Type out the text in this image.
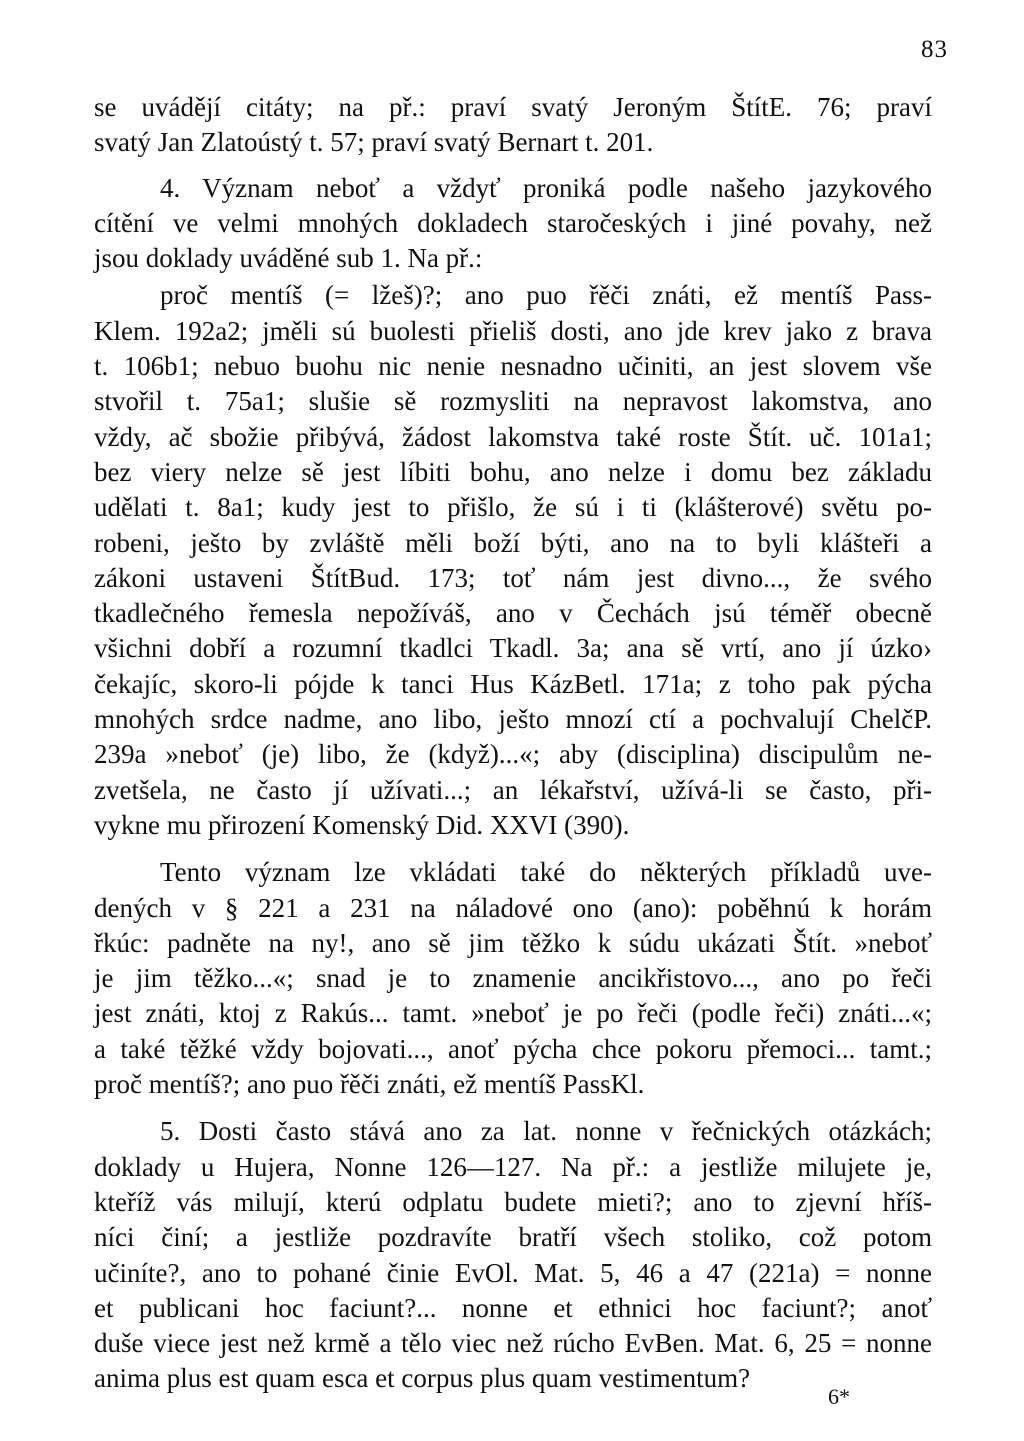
83
se uvádějí citáty; na př.: praví svatý Jeroným ŠtítE. 76; praví
svatý Jan Zlatoústý t. 57; praví svatý Bernart t. 201.
4. Význam neboť a vždyť proniká podle našeho jazykového
cítění ve velmi mnohých dokladech staročeských i jiné povahy, než
jsou doklady uváděné sub 1. Na př.:
proč mentíš (= lžeš)?; ano puo řěči znáti, ež mentíš Pass-
Klem. 192a2; jměli sú buolesti přieliš dosti, ano jde krev jako z brava
t. 106b1; nebuo buohu nic nenie nesnadno učiniti, an jest slovem vše
stvořil t. 75a1; slušie sě rozmysliti na nepravost lakomstva, ano
vždy, ač sbožie přibývá, žádost lakomstva také roste Štít. uč. 101a1;
bez viery nelze sě jest líbiti bohu, ano nelze i domu bez základu
udělati t. 8a1; kudy jest to přišlo, že sú i ti (klášterové) světu po-
robeni, ješto by zvláště měli boží býti, ano na to byli klášteři a
zákoni ustaveni ŠtítBud. 173; toť nám jest divno..., že svého
tkadlečného řemesla nepožíváš, ano v Čechách jsú téměř obecně
všichni dobří a rozumní tkadlci Tkadl. 3a; ana sě vrtí, ano jí úzko›
čekajíc, skoro-li pójde k tanci Hus KázBetl. 171a; z toho pak pýcha
mnohých srdce nadme, ano libo, ješto mnozí ctí a pochvalují ChelčP.
239a »neboť (je) libo, že (když)...«; aby (disciplina) discipulům ne-
zvetšela, ne často jí užívati...; an lékařství, užívá-li se často, při-
vykne mu přirození Komenský Did. XXVI (390).
Tento význam lze vkládati také do některých příkladů uve-
dených v § 221 a 231 na náladové ono (ano): poběhnú k horám
řkúc: padněte na ny!, ano sě jim těžko k súdu ukázati Štít. »neboť
je jim těžko...«; snad je to znamenie ancikřistovo..., ano po řeči
jest znáti, ktoj z Rakús... tamt. »neboť je po řeči (podle řeči) znáti...«;
a také těžké vždy bojovati..., anoť pýcha chce pokoru přemoci... tamt.;
proč mentíš?; ano puo řěči znáti, ež mentíš PassKl.
5. Dosti často stává ano za lat. nonne v řečnických otázkách;
doklady u Hujera, Nonne 126—127. Na př.: a jestliže milujete je,
kteříž vás milují, kterú odplatu budete mieti?; ano to zjevní hříš-
níci činí; a jestliže pozdravíte bratří všech stoliko, což potom
učiníte?, ano to pohané činie EvOl. Mat. 5, 46 a 47 (221a) = nonne
et publicani hoc faciunt?... nonne et ethnici hoc faciunt?; anoť
duše viece jest než krmě a tělo viec než rúcho EvBen. Mat. 6, 25 = nonne
anima plus est quam esca et corpus plus quam vestimentum?
6*
